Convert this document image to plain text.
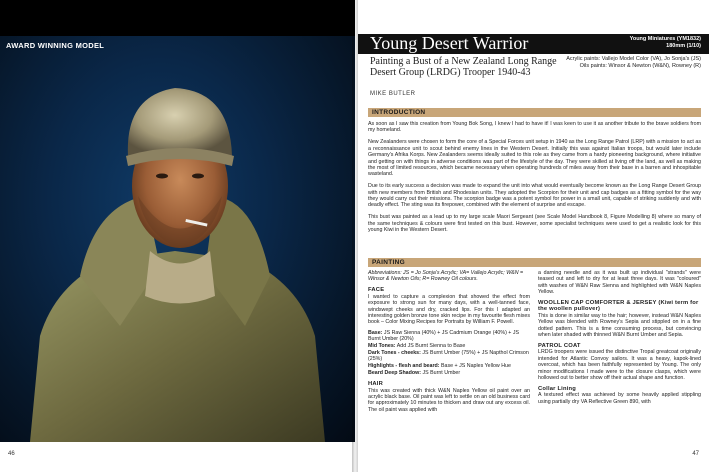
AWARD WINNING MODEL
46
Young Desert Warrior	Young Miniatures (YM1832)
180mm (1/10)
Painting a Bust of a New Zealand Long Range Desert Group (LRDG) Trooper 1940-43
Acrylic paints: Vallejo Model Color (VA), Jo Sonja's (JS)
Oils paints: Winsor & Newton (W&N), Rowney (R)
MIKE BUTLER
INTRODUCTION

As soon as I saw this creation from Young Bok Song, I knew I had to have it! I was keen to use it as another tribute to the brave soldiers from my homeland.

New Zealanders were chosen to form the core of a Special Forces unit setup in 1940 as the Long Range Patrol (LRP) with a mission to act as a reconnaissance unit to scout behind enemy lines in the Western Desert. Initially this was against Italian troops, but would later include Germany's Afrika Korps. New Zealanders seems ideally suited to this role as they came from a hardy pioneering background, where initiative and getting on with things in adverse conditions was part of the lifestyle of the day. They were skilled at living off the land, as well as making the most of limited resources, which became necessary when operating hundreds of miles away from their base in a barren and inhospitable wasteland.

Due to its early success a decision was made to expand the unit into what would eventually become known as the Long Range Desert Group with new members from British and Rhodesian units. They adopted the Scorpion for their unit and cap badges as a fitting symbol for the way they would carry out their missions. The scorpion badge was a potent symbol for power in a small unit, capable of striking suddenly and with deadly effect. The sting was its firepower, combined with the element of surprise and escape.

This bust was painted as a lead up to my large scale Maori Sergeant (see Scale Model Handbook 8, Figure Modelling 8) where so many of the same techniques & colours were first tested on this bust. However, some specialist techniques were used to get a realistic look for this young Kiwi in the Western Desert.

PAINTING
Abbreviations: JS = Jo Sonja's Acrylic; VA= Vallejo Acrylic; W&N = Winsor & Newton Oils; R= Rowney Oil colours.
FACE
I wanted to capture a complexion that showed the effect from exposure to strong sun for many days, with a well-tanned face, windswept cheeks and dry, cracked lips. For this I adapted an interesting golden bronze tone skin recipe in my favourite flesh mixes book – Color Mixing Recipes for Portraits by William F. Powell.
Base: JS Raw Sienna (40%) + JS Cadmium Orange (40%) + JS Burnt Umber (20%)
Mid Tones: Add JS Burnt Sienna to Base
Dark Tones - cheeks: JS Burnt Umber (75%) + JS Napthol Crimson (25%)
Highlights - flesh and beard: Base + JS Naples Yellow Hue
Beard Deep Shadow: JS Burnt Umber
HAIR
This was created with thick W&N Naples Yellow oil paint over an acrylic black base. Oil paint was left to settle on an old business card for approximately 10 minutes to thicken and draw out any excess oil. The oil paint was applied with
a darning needle and as it was built up individual "strands" were teased out and left to dry for at least three days. It was "coloured" with washes of W&N Raw Sienna and highlighted with W&N Naples Yellow.
WOOLLEN CAP COMFORTER & JERSEY (Kiwi term for the woollen pullover)
This is done in similar way to the hair; however, instead W&N Naples Yellow was blended with Rowney's Sepia and stippled on in a fine dotted pattern. This is a time consuming process, but convincing when later shaded with thinned W&N Burnt Umber and Sepia.
PATROL COAT
LRDG troopers were issued the distinctive Tropal greatcoat originally intended for Atlantic Convoy sailors. It was a heavy, kapok-lined overcoat, which has been faithfully represented by Young. The only minor modifications I made were to the closure clasps, which were hollowed out to better show off their actual shape and function.
Collar Lining
A textured effect was achieved by some heavily applied stippling using partially dry VA Reflective Green 890, with
47
